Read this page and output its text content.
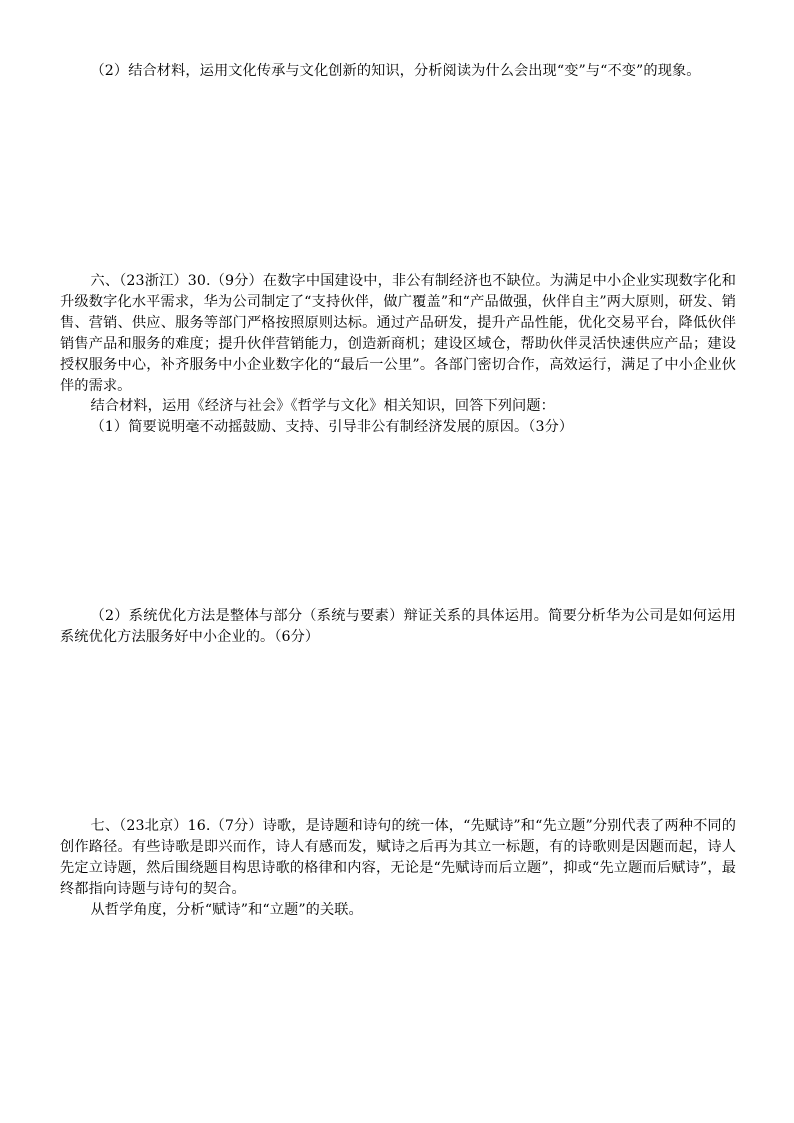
（2）结合材料，运用文化传承与文化创新的知识，分析阅读为什么会出现“变”与“不变”的现象。

六、（23浙江）30.（9分）在数字中国建设中，非公有制经济也不缺位。为满足中小企业实现数字化和升级数字化水平需求，华为公司制定了“支持伙伴，做广覆盖”和“产品做强，伙伴自主”两大原则，研发、销售、营销、供应、服务等部门严格按照原则达标。通过产品研发，提升产品性能，优化交易平台，降低伙伴销售产品和服务的难度；提升伙伴营销能力，创造新商机；建设区域仓，帮助伙伴灵活快速供应产品；建设授权服务中心，补齐服务中小企业数字化的“最后一公里”。各部门密切合作，高效运行，满足了中小企业伙伴的需求。

结合材料，运用《经济与社会》《哲学与文化》相关知识，回答下列问题：

（1）简要说明毫不动摇鼓励、支持、引导非公有制经济发展的原因。（3分）

（2）系统优化方法是整体与部分（系统与要素）辩证关系的具体运用。简要分析华为公司是如何运用系统优化方法服务好中小企业的。（6分）

七、（23北京）16.（7分）诗歌，是诗题和诗句的统一体，“先赋诗”和“先立题”分别代表了两种不同的创作路径。有些诗歌是即兴而作，诗人有感而发，赋诗之后再为其立一标题，有的诗歌则是因题而起，诗人先定立诗题，然后围绕题目构思诗歌的格律和内容，无论是“先赋诗而后立题”，抑或“先立题而后赋诗”，最终都指向诗题与诗句的契合。

从哲学角度，分析“赋诗”和“立题”的关联。
